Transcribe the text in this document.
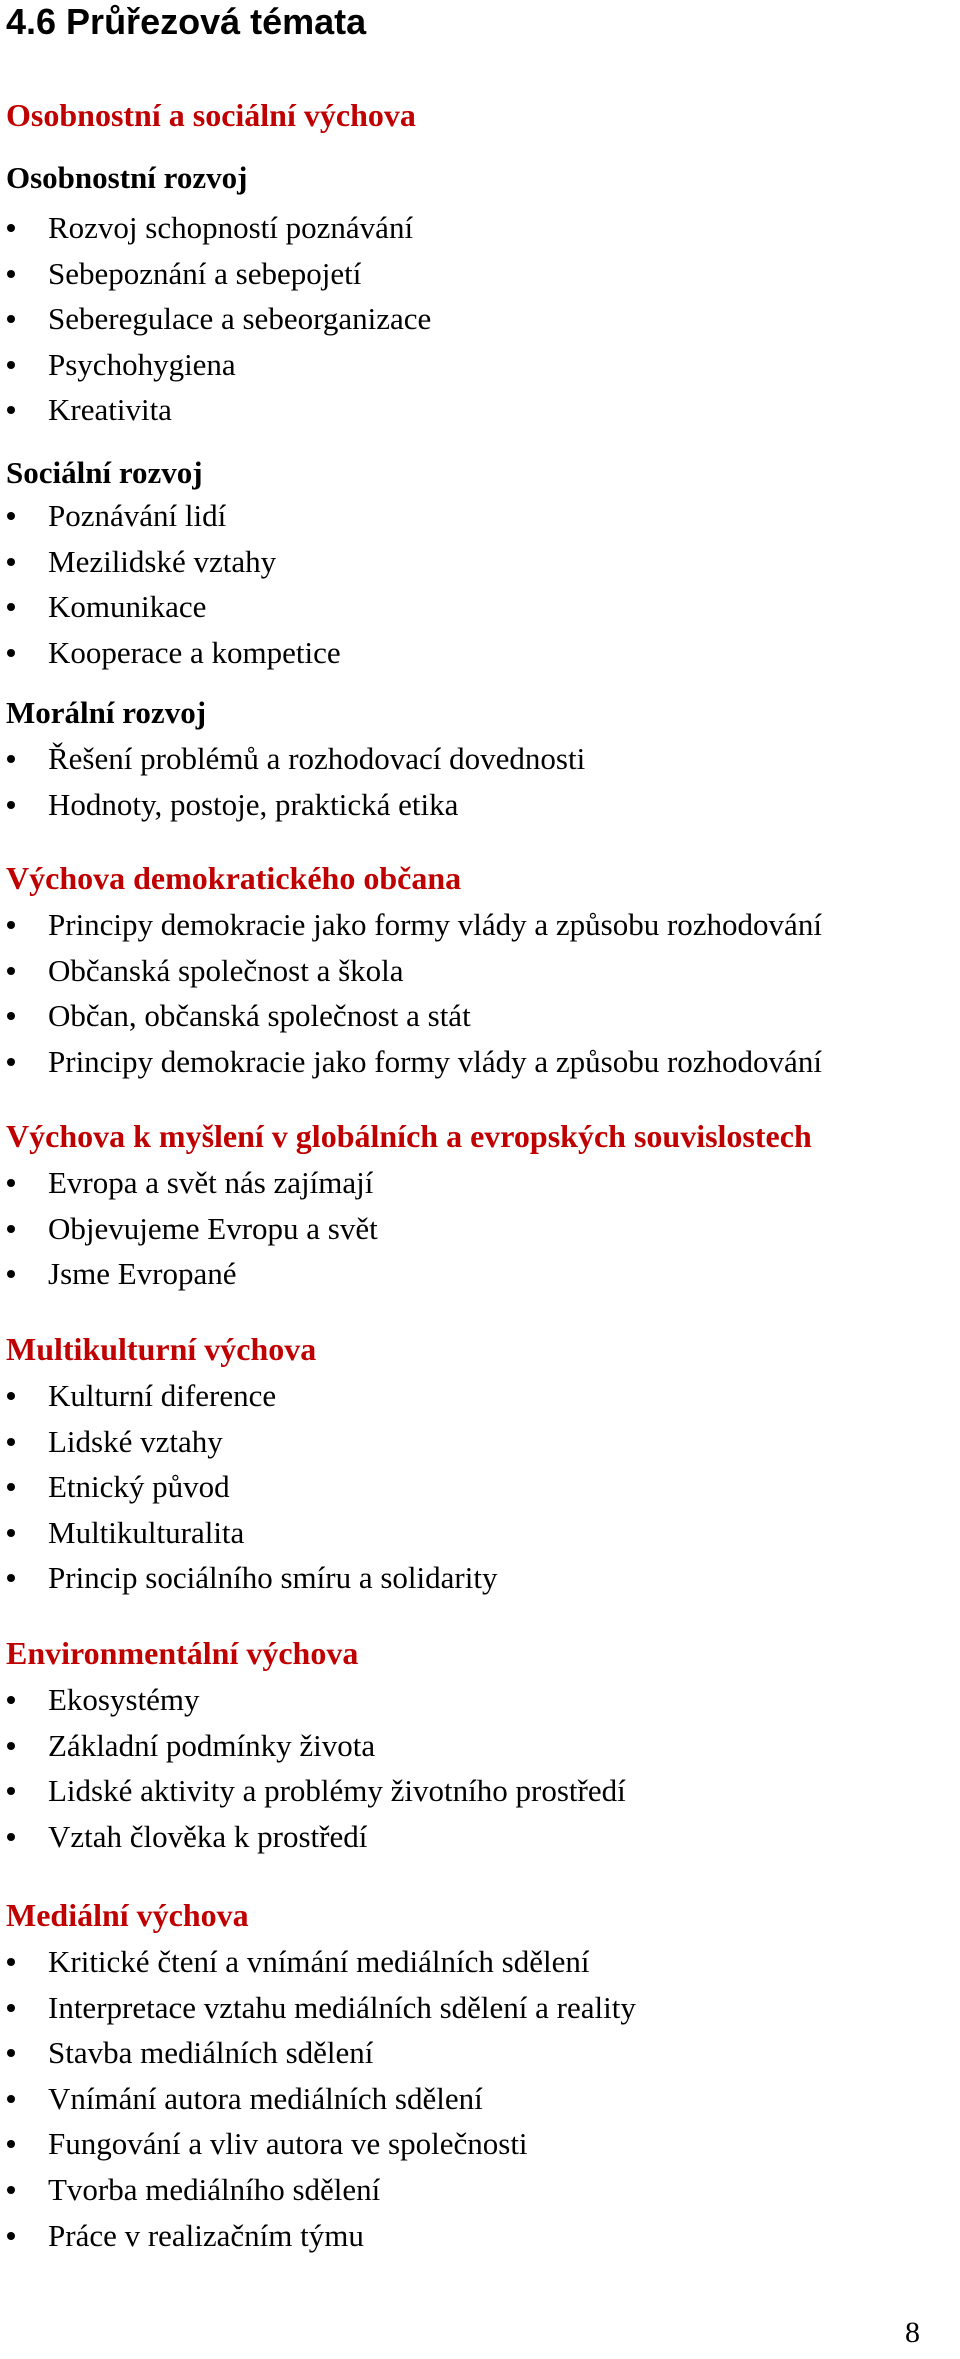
4.6 Průřezová témata
Osobnostní a sociální výchova
Osobnostní rozvoj
Rozvoj schopností poznávání
Sebepoznání a sebepojetí
Seberegulace a sebeorganizace
Psychohygiena
Kreativita
Sociální rozvoj
Poznávání lidí
Mezilidské vztahy
Komunikace
Kooperace a kompetice
Morální rozvoj
Řešení problémů a rozhodovací dovednosti
Hodnoty, postoje, praktická etika
Výchova demokratického občana
Principy demokracie jako formy vlády a způsobu rozhodování
Občanská společnost a škola
Občan, občanská společnost a stát
Principy demokracie jako formy vlády a způsobu rozhodování
Výchova k myšlení v globálních a evropských souvislostech
Evropa a svět nás zajímají
Objevujeme Evropu a svět
Jsme Evropané
Multikulturní výchova
Kulturní diference
Lidské vztahy
Etnický původ
Multikulturalita
Princip sociálního smíru a solidarity
Environmentální výchova
Ekosystémy
Základní podmínky života
Lidské aktivity a problémy životního prostředí
Vztah člověka k prostředí
Mediální výchova
Kritické čtení a vnímání mediálních sdělení
Interpretace vztahu mediálních sdělení a reality
Stavba mediálních sdělení
Vnímání autora mediálních sdělení
Fungování a vliv autora ve společnosti
Tvorba mediálního sdělení
Práce v realizačním týmu
8
